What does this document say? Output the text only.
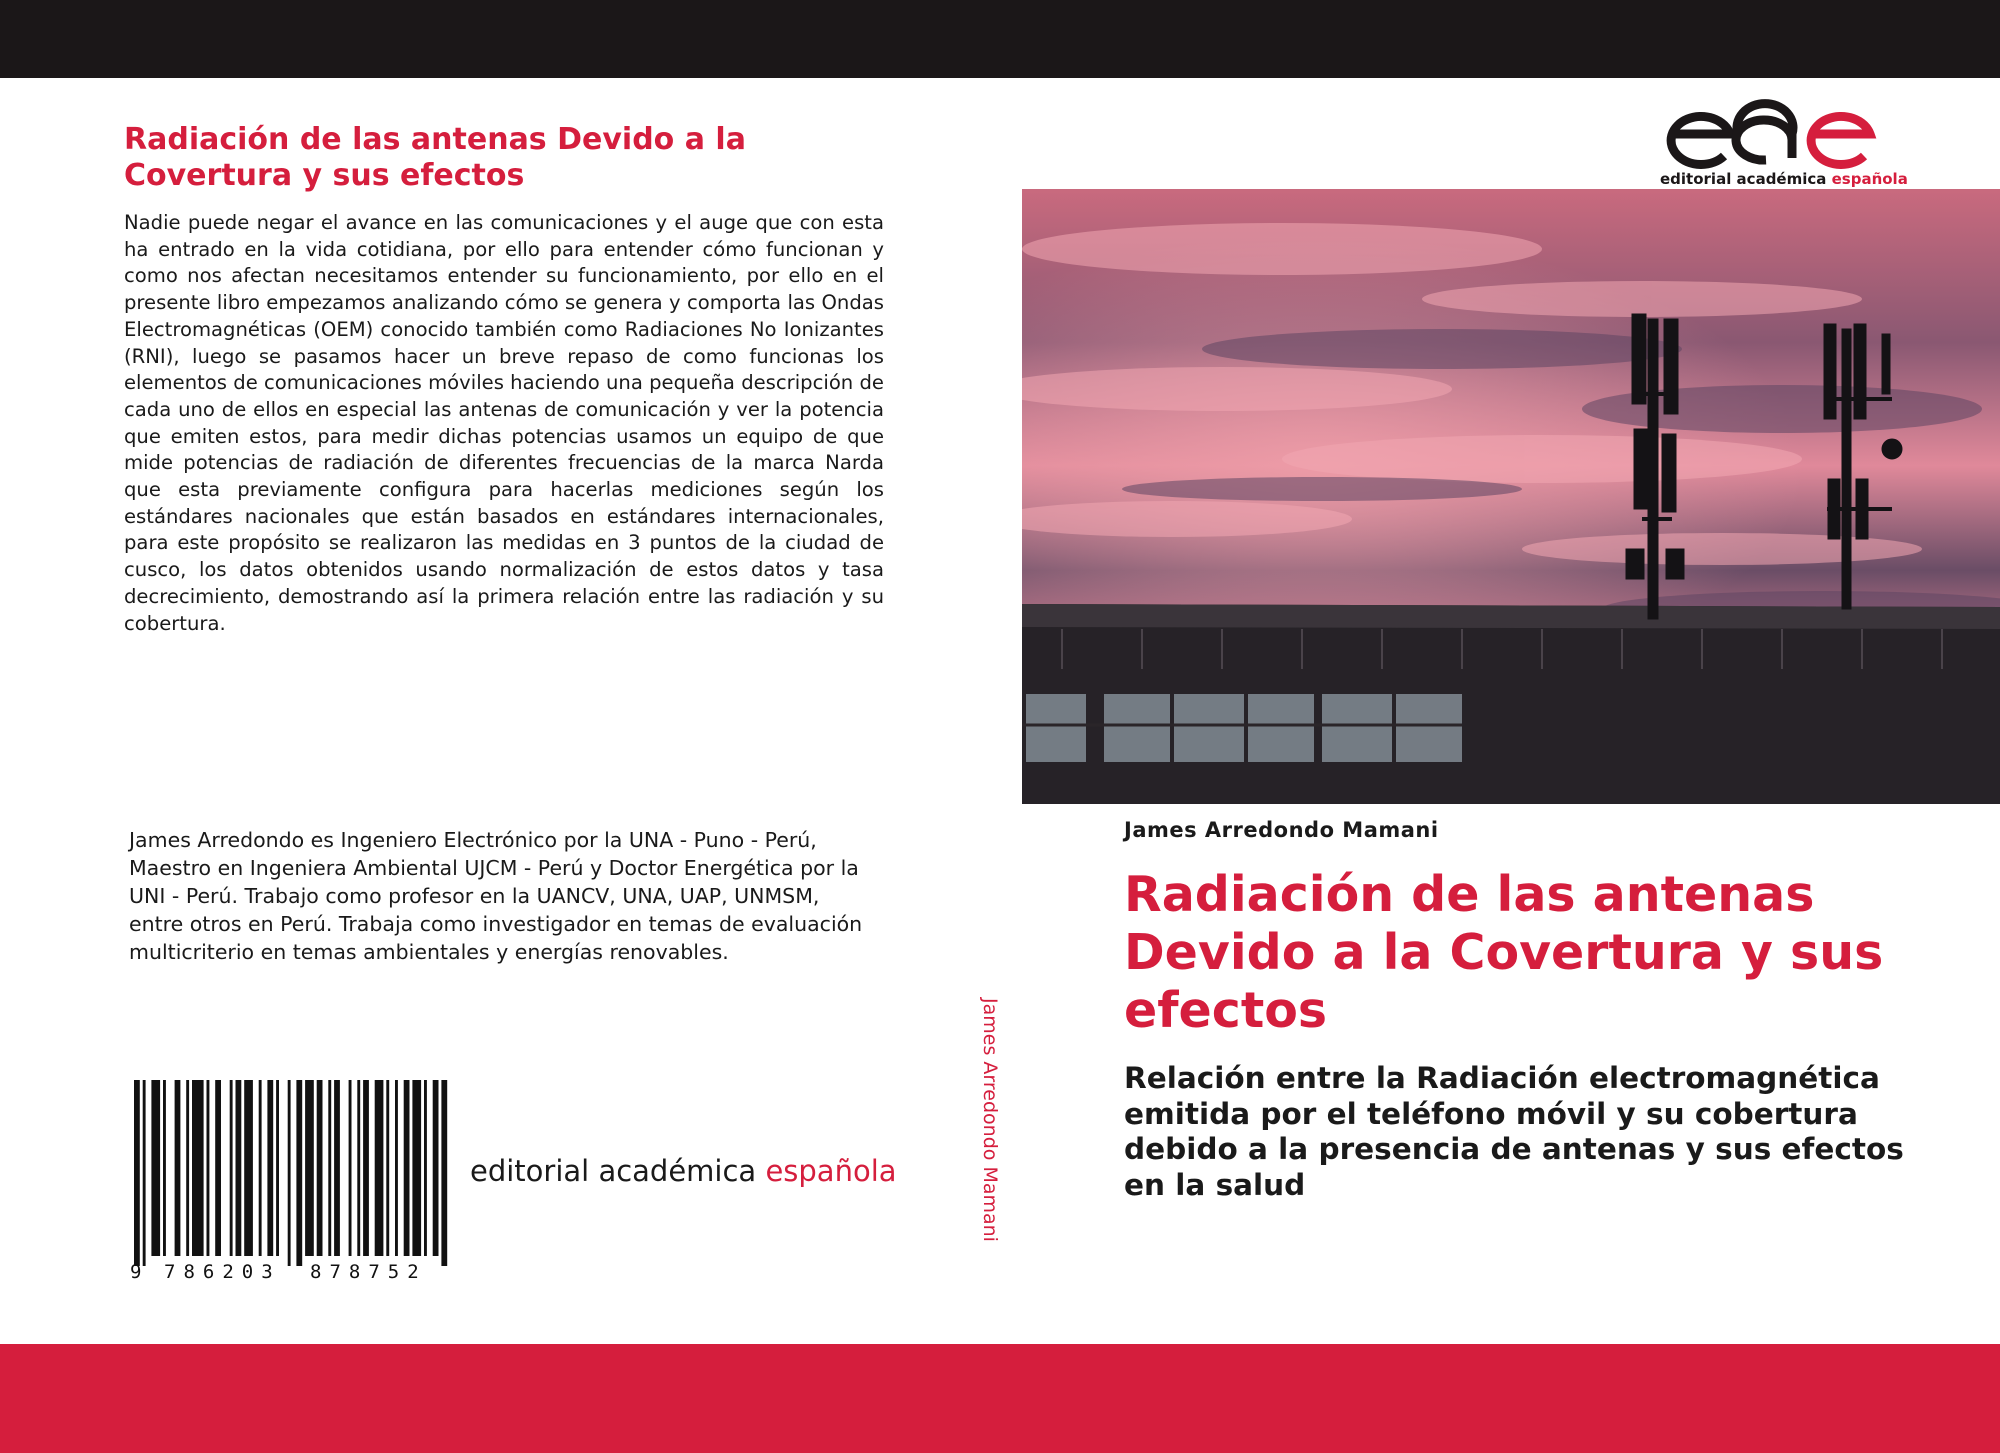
Radiación de las antenas Devido a la Covertura y sus efectos

Nadie puede negar el avance en las comunicaciones y el auge que con esta ha entrado en la vida cotidiana, por ello para entender cómo funcionan y como nos afectan necesitamos entender su funcionamiento, por ello en el presente libro empezamos analizando cómo se genera y comporta las Ondas Electromagnéticas (OEM) conocido también como Radiaciones No Ionizantes (RNI), luego se pasamos hacer un breve repaso de como funcionas los elementos de comunicaciones móviles haciendo una pequeña descripción de cada uno de ellos en especial las antenas de comunicación y ver la potencia que emiten estos, para medir dichas potencias usamos un equipo de que mide potencias de radiación de diferentes frecuencias de la marca Narda que esta previamente configura para hacerlas mediciones según los estándares nacionales que están basados en estándares internacionales, para este propósito se realizaron las medidas en 3 puntos de la ciudad de cusco, los datos obtenidos usando normalización de estos datos y tasa decrecimiento, demostrando así la primera relación entre las radiación y su cobertura.

James Arredondo es Ingeniero Electrónico por la UNA - Puno - Perú, Maestro en Ingeniera Ambiental UJCM - Perú y Doctor Energética por la UNI - Perú. Trabajo como profesor en la UANCV, UNA, UAP, UNMSM, entre otros en Perú. Trabaja como investigador en temas de evaluación multicriterio en temas ambientales y energías renovables.

9 786203 878752
editorial académica española	James Arredondo Mamani
editorial académica española
James Arredondo Mamani
Radiación de las antenas Devido a la Covertura y sus efectos
Relación entre la Radiación electromagnética emitida por el teléfono móvil y su cobertura debido a la presencia de antenas y sus efectos
en la salud
